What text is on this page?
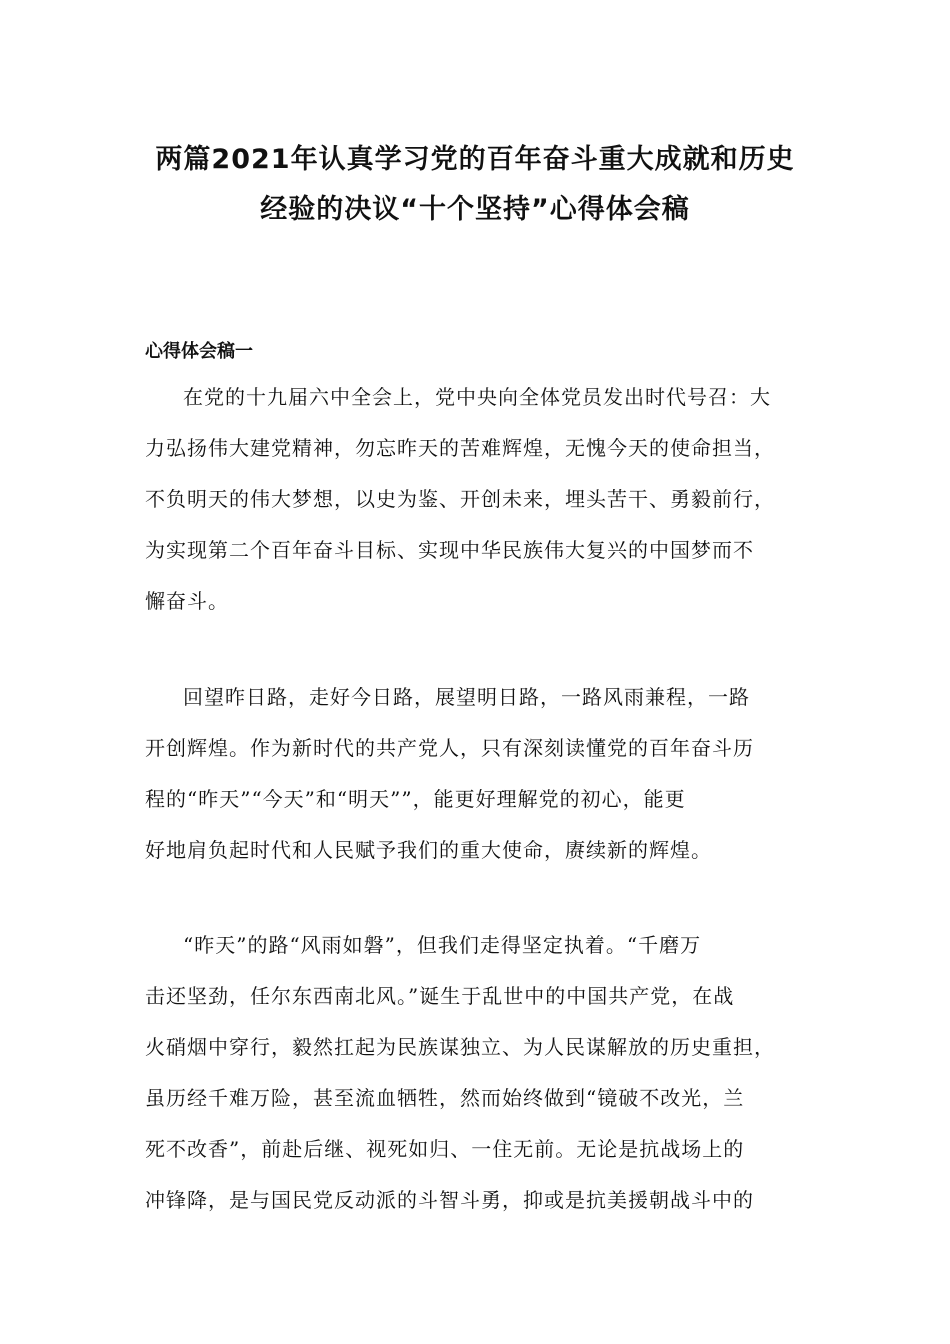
两篇2021年认真学习党的百年奋斗重大成就和历史
经验的决议“十个坚持”心得体会稿
心得体会稿一
在党的十九届六中全会上，党中央向全体党员发出时代号召：大
力弘扬伟大建党精神，勿忘昨天的苦难辉煌，无愧今天的使命担当，
不负明天的伟大梦想，以史为鉴、开创未来，埋头苦干、勇毅前行，
为实现第二个百年奋斗目标、实现中华民族伟大复兴的中国梦而不
懈奋斗。
回望昨日路，走好今日路，展望明日路，一路风雨兼程，一路
开创辉煌。作为新时代的共产党人，只有深刻读懂党的百年奋斗历
程的“昨天”“今天”和“明天””，能更好理解党的初心，能更
好地肩负起时代和人民赋予我们的重大使命，赓续新的辉煌。
“昨天”的路“风雨如磐”，但我们走得坚定执着。“千磨万
击还坚劲，任尔东西南北风。”诞生于乱世中的中国共产党，在战
火硝烟中穿行，毅然扛起为民族谋独立、为人民谋解放的历史重担，
虽历经千难万险，甚至流血牺牲，然而始终做到“镜破不改光，兰
死不改香”，前赴后继、视死如归、一住无前。无论是抗战场上的
冲锋降，是与国民党反动派的斗智斗勇，抑或是抗美援朝战斗中的
